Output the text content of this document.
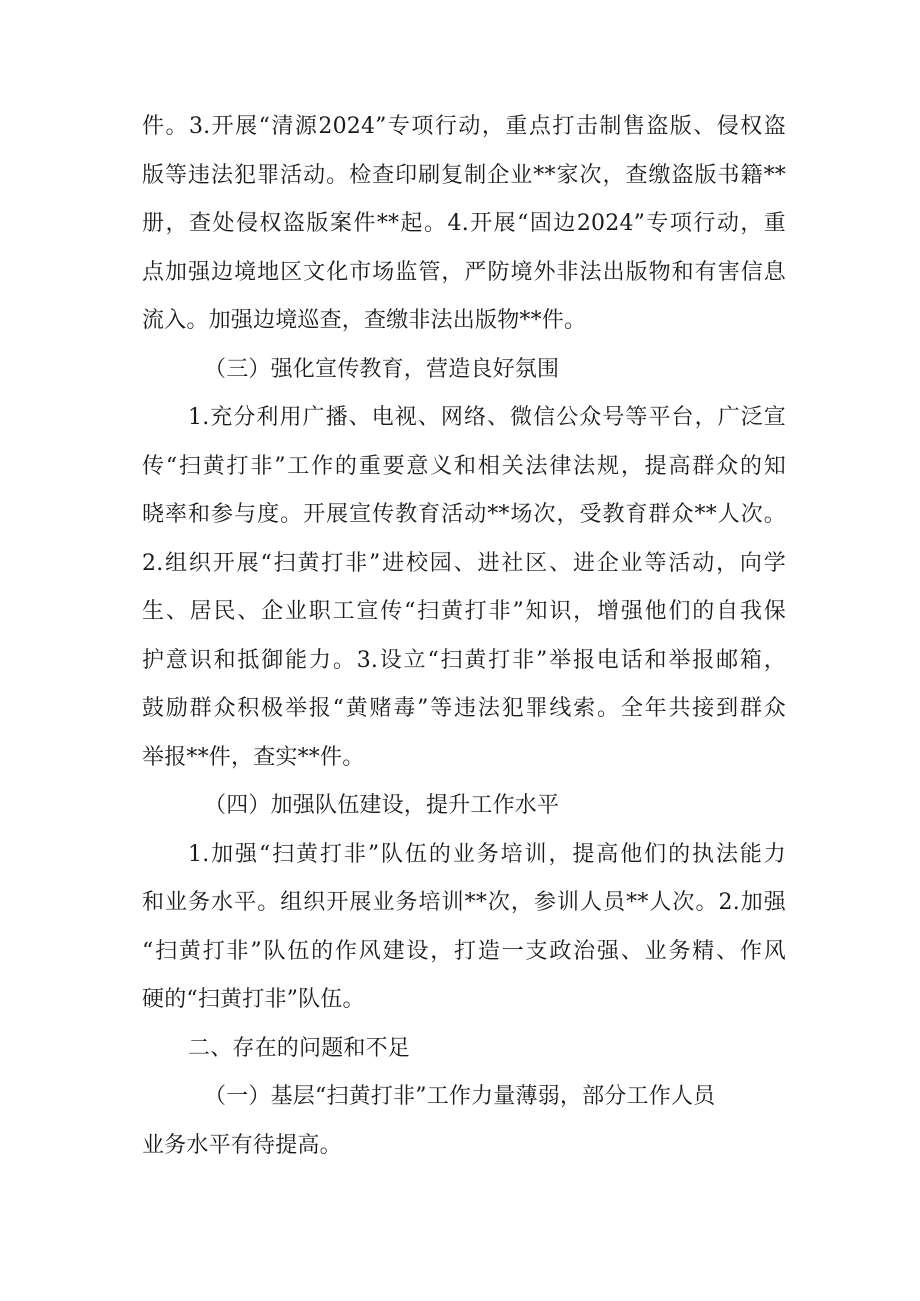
件。3.开展“清源2024”专项行动，重点打击制售盗版、侵权盗
版等违法犯罪活动。检查印刷复制企业**家次，查缴盗版书籍**
册，查处侵权盗版案件**起。4.开展“固边2024”专项行动，重
点加强边境地区文化市场监管，严防境外非法出版物和有害信息
流入。加强边境巡查，查缴非法出版物**件。
（三）强化宣传教育，营造良好氛围
1.充分利用广播、电视、网络、微信公众号等平台，广泛宣
传“扫黄打非”工作的重要意义和相关法律法规，提高群众的知
晓率和参与度。开展宣传教育活动**场次，受教育群众**人次。
2.组织开展“扫黄打非”进校园、进社区、进企业等活动，向学
生、居民、企业职工宣传“扫黄打非”知识，增强他们的自我保
护意识和抵御能力。3.设立“扫黄打非”举报电话和举报邮箱，
鼓励群众积极举报“黄赌毒”等违法犯罪线索。全年共接到群众
举报**件，查实**件。
（四）加强队伍建设，提升工作水平
1.加强“扫黄打非”队伍的业务培训，提高他们的执法能力
和业务水平。组织开展业务培训**次，参训人员**人次。2.加强
“扫黄打非”队伍的作风建设，打造一支政治强、业务精、作风
硬的“扫黄打非”队伍。
二、存在的问题和不足
（一）基层“扫黄打非”工作力量薄弱，部分工作人员
业务水平有待提高。
